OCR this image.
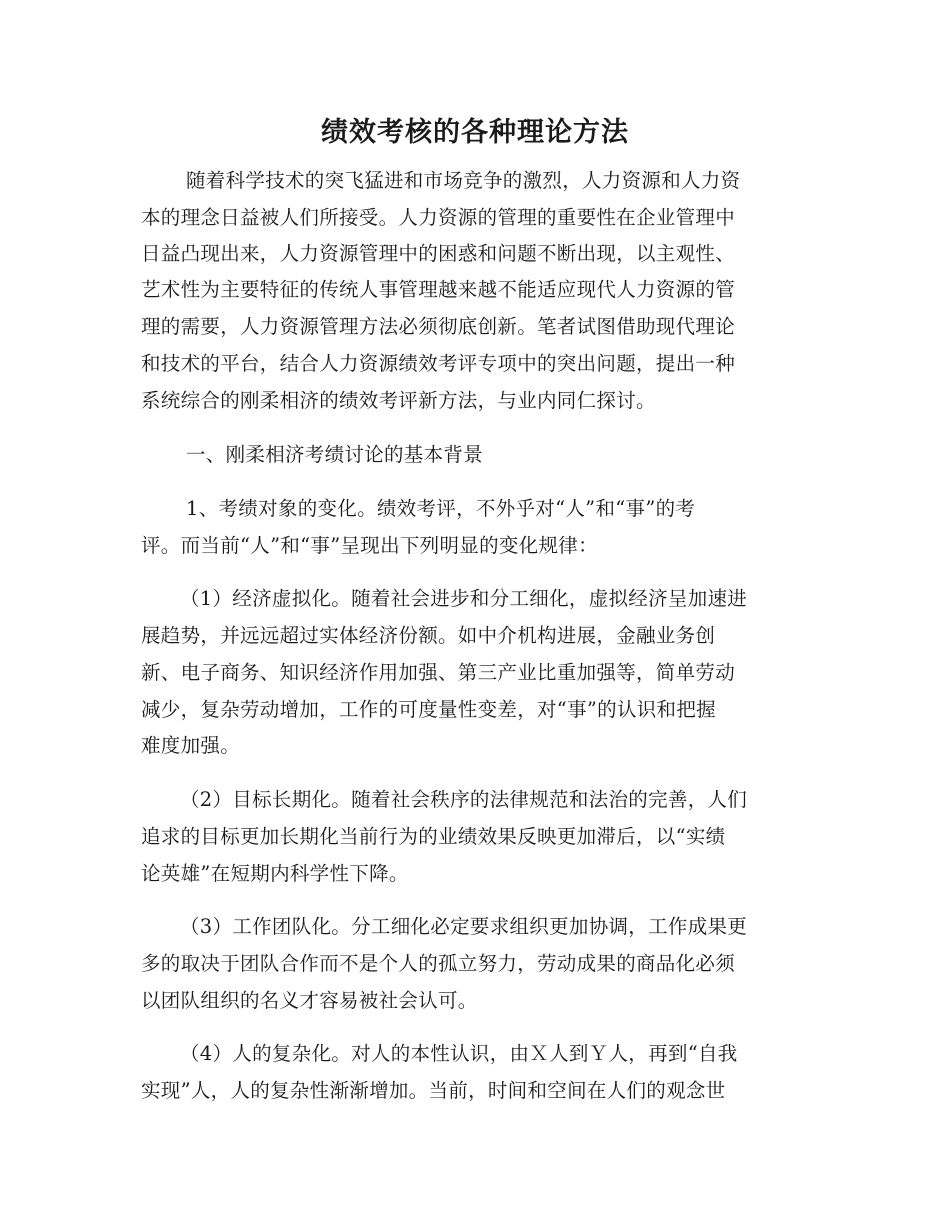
绩效考核的各种理论方法

随着科学技术的突飞猛进和市场竞争的激烈，人力资源和人力资

本的理念日益被人们所接受。人力资源的管理的重要性在企业管理中

日益凸现出来，人力资源管理中的困惑和问题不断出现，以主观性、

艺术性为主要特征的传统人事管理越来越不能适应现代人力资源的管

理的需要，人力资源管理方法必须彻底创新。笔者试图借助现代理论

和技术的平台，结合人力资源绩效考评专项中的突出问题，提出一种

系统综合的刚柔相济的绩效考评新方法，与业内同仁探讨。

一、刚柔相济考绩讨论的基本背景

1、考绩对象的变化。绩效考评，不外乎对“人”和“事”的考

评。而当前“人”和“事”呈现出下列明显的变化规律：

（1）经济虚拟化。随着社会进步和分工细化，虚拟经济呈加速进

展趋势，并远远超过实体经济份额。如中介机构进展，金融业务创

新、电子商务、知识经济作用加强、第三产业比重加强等，简单劳动

减少，复杂劳动增加，工作的可度量性变差，对“事”的认识和把握

难度加强。

（2）目标长期化。随着社会秩序的法律规范和法治的完善，人们

追求的目标更加长期化当前行为的业绩效果反映更加滞后，以“实绩

论英雄”在短期内科学性下降。

（3）工作团队化。分工细化必定要求组织更加协调，工作成果更

多的取决于团队合作而不是个人的孤立努力，劳动成果的商品化必须

以团队组织的名义才容易被社会认可。

（4）人的复杂化。对人的本性认识，由Ｘ人到Ｙ人，再到“自我

实现”人，人的复杂性渐渐增加。当前，时间和空间在人们的观念世
